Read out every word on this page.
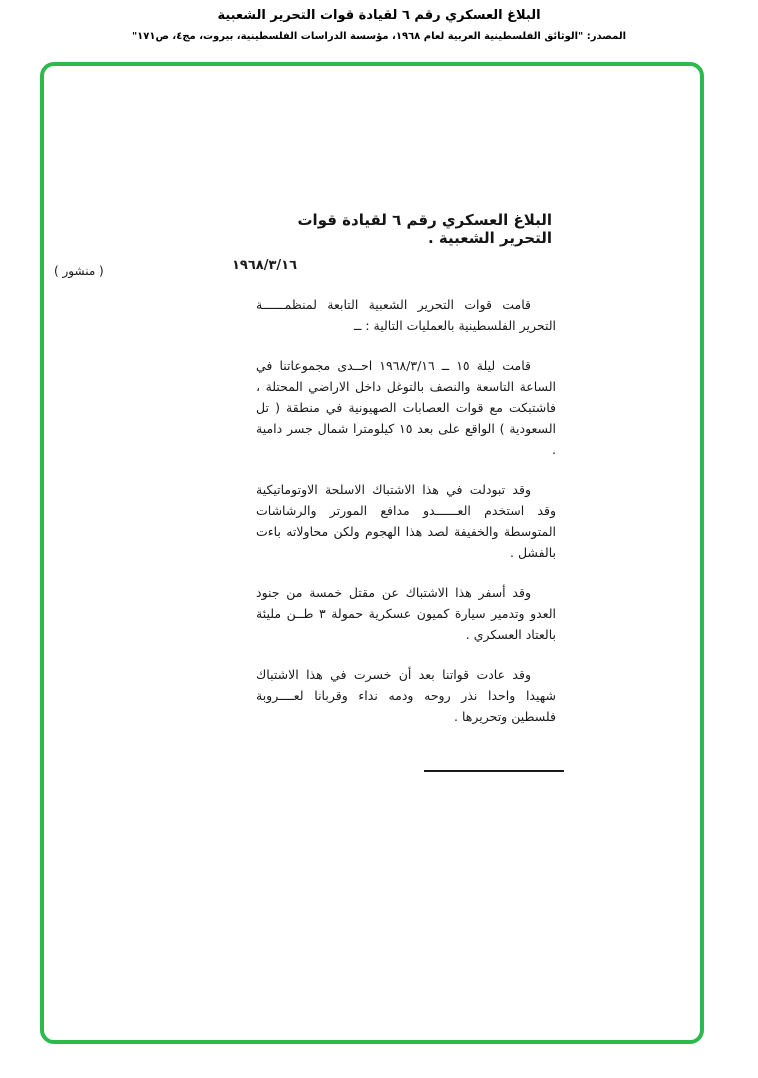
البلاغ العسكري رقم ٦ لقيادة قوات التحرير الشعبية
المصدر: "الوثائق الفلسطينية العربية لعام ١٩٦٨، مؤسسة الدراسات الفلسطينية، بيروت، مج٤، ص١٧١"
البلاغ العسكري رقم ٦ لقيادة قوات التحرير الشعبية .
١٩٦٨/٣/١٦
( منشور )

قامت قوات التحرير الشعبية التابعة لمنظمــــــة التحرير الفلسطينية بالعمليات التالية : ــ

قامت ليلة ١٥ ــ ١٩٦٨/٣/١٦ احــدى مجموعاتنا في الساعة التاسعة والنصف بالتوغل داخل الاراضي المحتلة ، فاشتبكت مع قوات العصابات الصهيونية في منطقة ( تل السعودية ) الواقع على بعد ١٥ كيلومترا شمال جسر دامية .

وقد تبودلت في هذا الاشتباك الاسلحة الاوتوماتيكية وقد استخدم العــــــدو مدافع المورتر والرشاشات المتوسطة والخفيفة لصد هذا الهجوم ولكن محاولاته باءت بالفشل .

وقد أسفر هذا الاشتباك عن مقتل خمسة من جنود العدو وتدمير سيارة كميون عسكرية حمولة ٣ طــن مليئة بالعتاد العسكري .

وقد عادت قواتنا بعد أن خسرت في هذا الاشتباك شهيدا واحدا نذر روحه ودمه نداء وقربانا لعــــروبة فلسطين وتحريرها .
